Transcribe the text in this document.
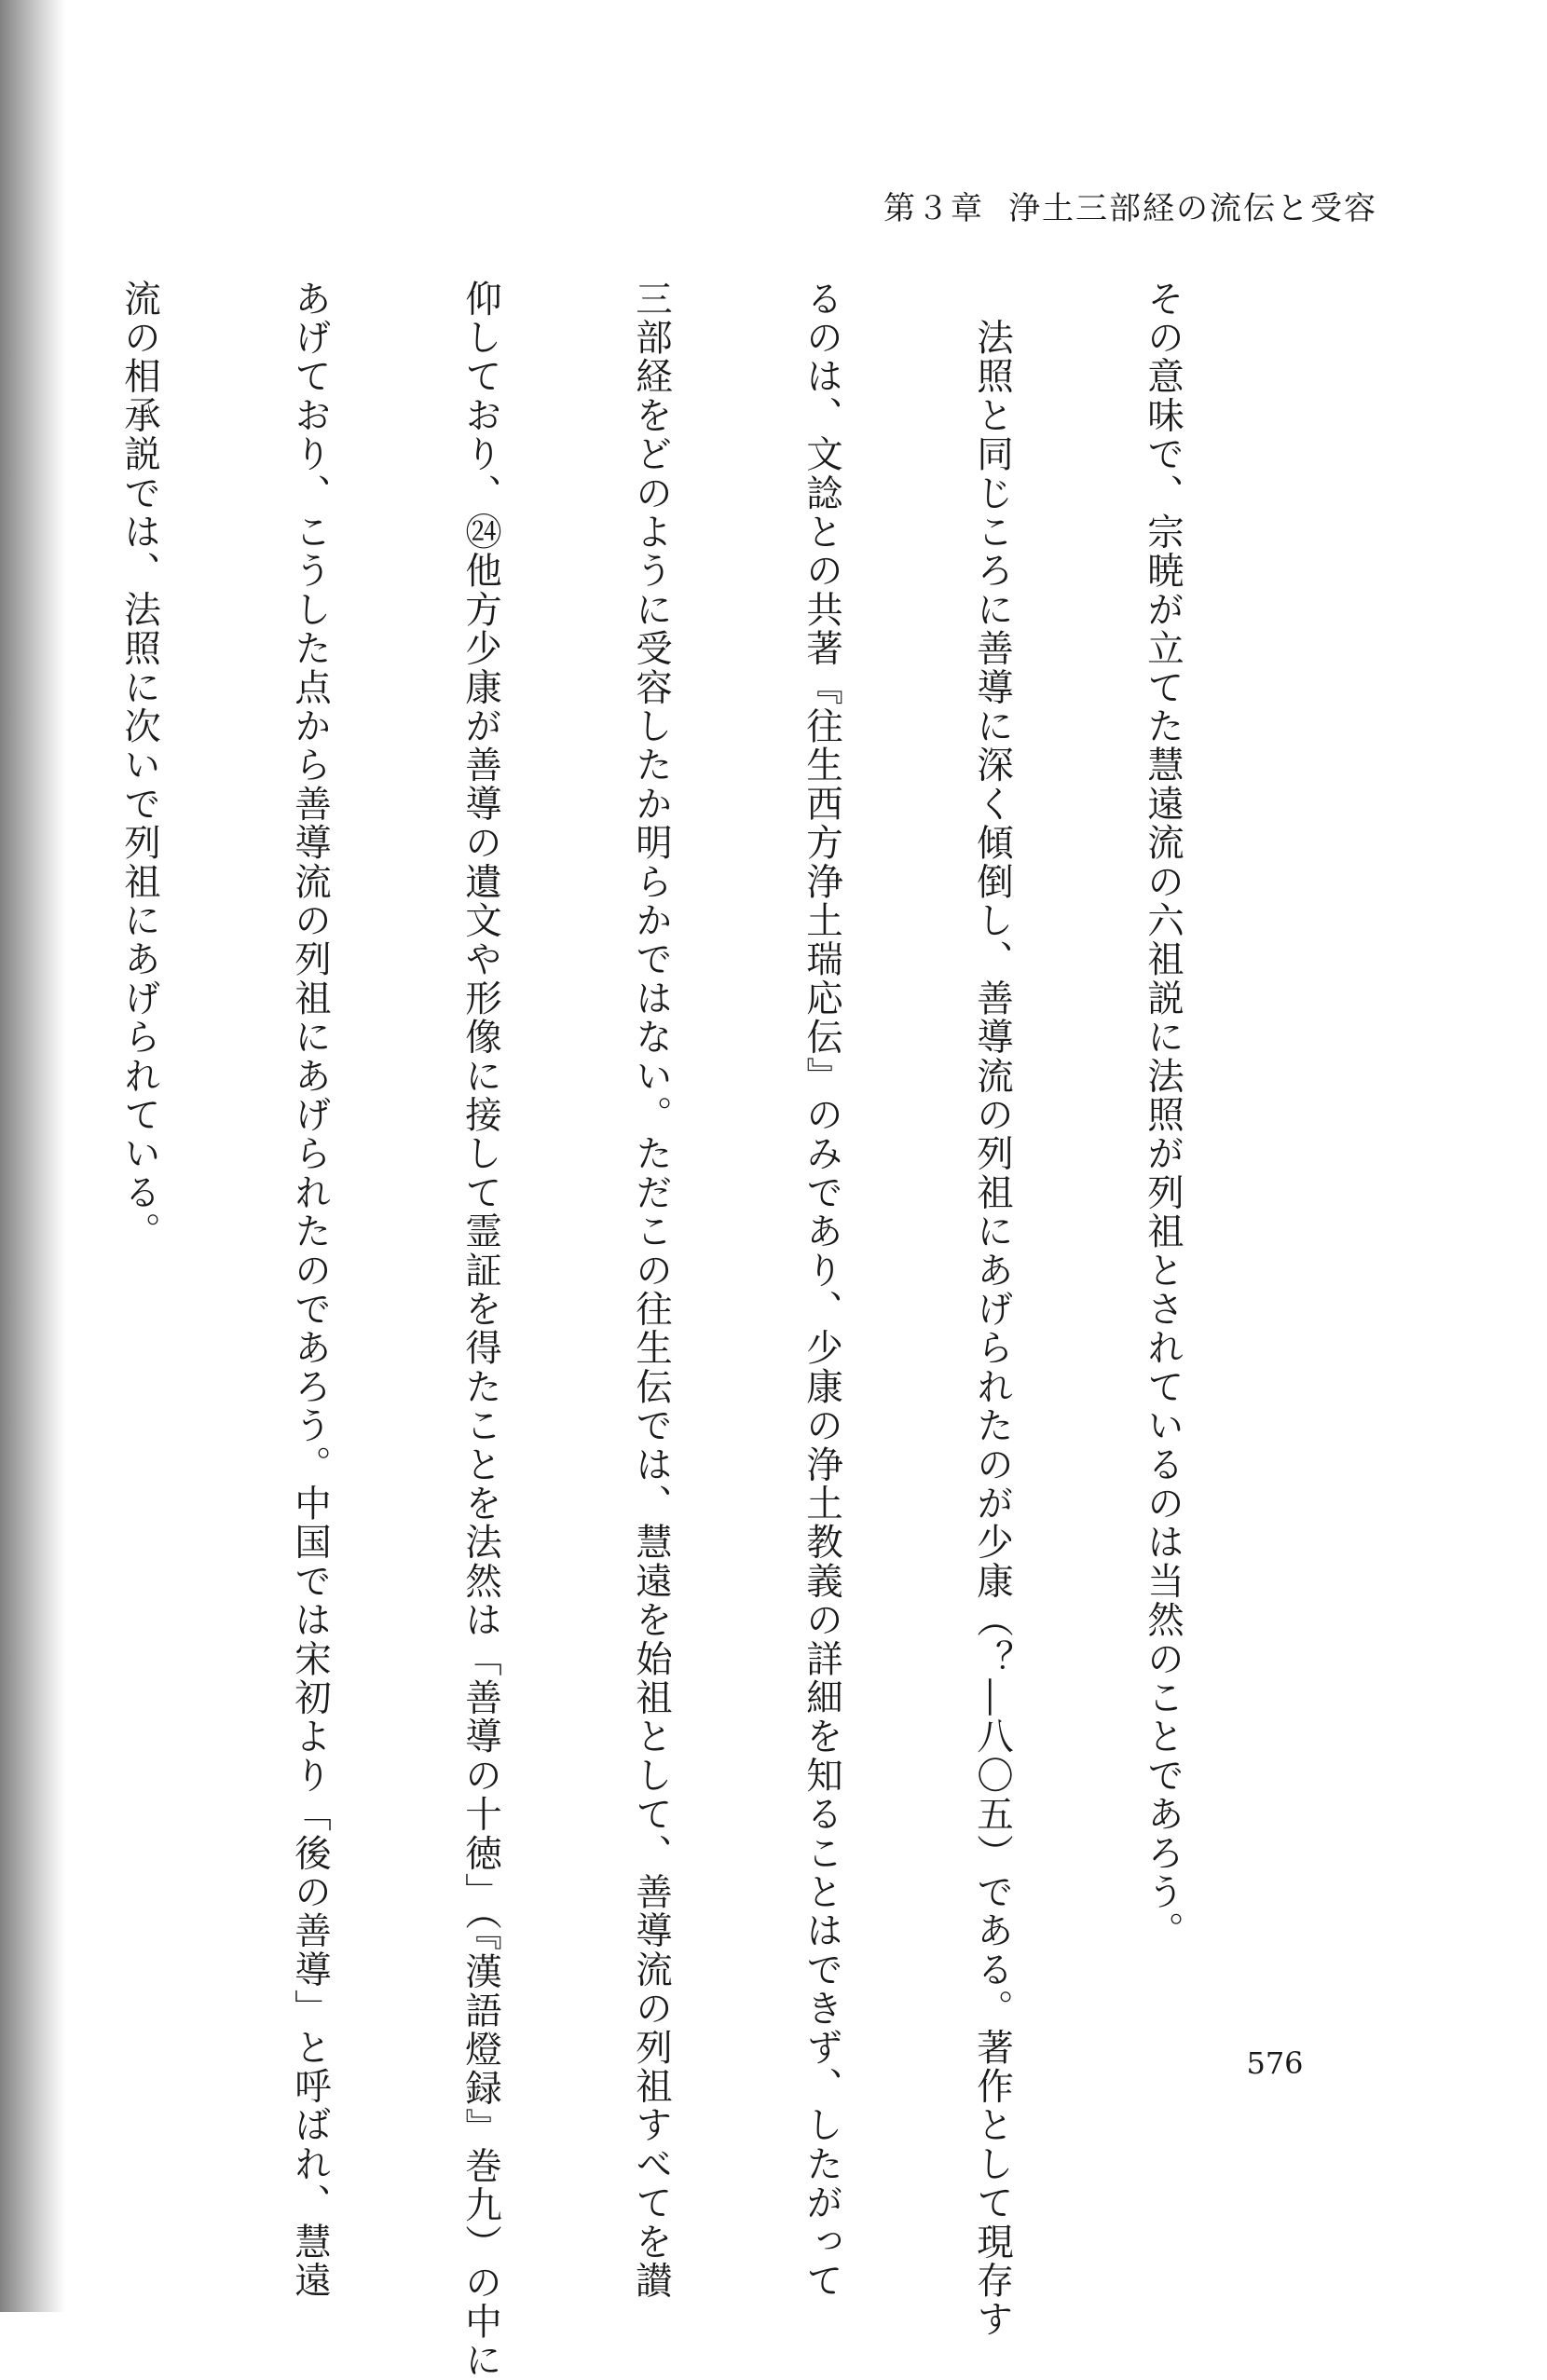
第３章 浄土三部経の流伝と受容

その意味で、宗暁が立てた慧遠流の六祖説に法照が列祖とされているのは当然のことであろう。

　法照と同じころに善導に深く傾倒し、善導流の列祖にあげられたのが少康（？―八〇五）である。著作として現存す

るのは、文諗との共著『往生西方浄土瑞応伝』のみであり、少康の浄土教義の詳細を知ることはできず、したがって

三部経をどのように受容したか明らかではない。ただこの往生伝では、慧遠を始祖として、善導流の列祖すべてを讃

仰しており、㉔他方少康が善導の遺文や形像に接して霊証を得たことを法然は「善導の十徳」（『漢語燈録』巻九）の中に

あげており、こうした点から善導流の列祖にあげられたのであろう。中国では宋初より「後の善導」と呼ばれ、慧遠

流の相承説では、法照に次いで列祖にあげられている。

576
